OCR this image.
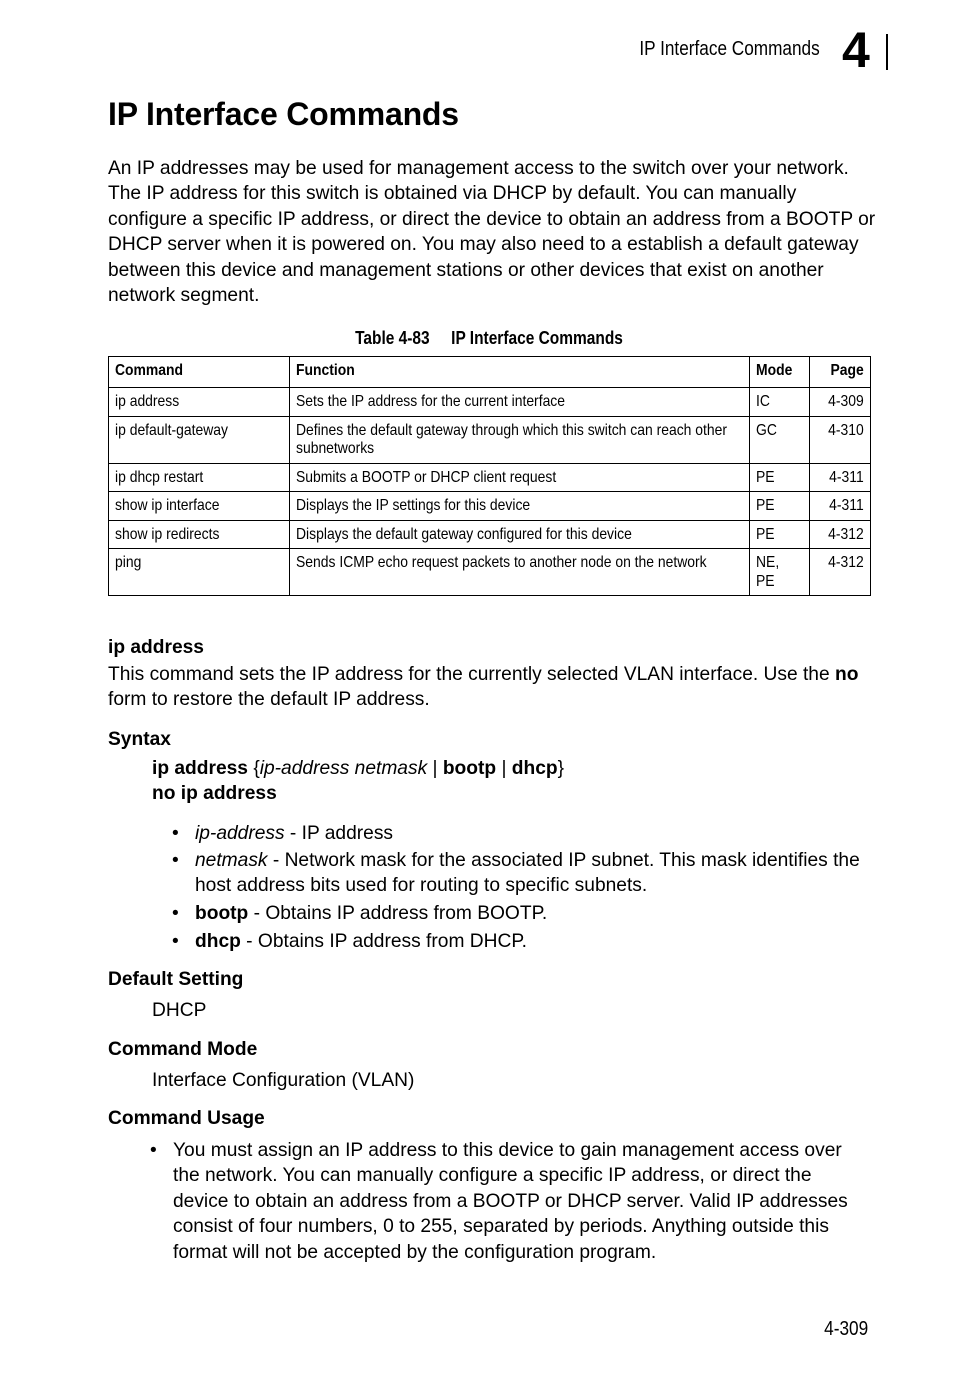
IP Interface Commands 4
IP Interface Commands

An IP addresses may be used for management access to the switch over your network. The IP address for this switch is obtained via DHCP by default. You can manually configure a specific IP address, or direct the device to obtain an address from a BOOTP or DHCP server when it is powered on. You may also need to a establish a default gateway between this device and management stations or other devices that exist on another network segment.

Table 4-83     IP Interface Commands
Command	Function	Mode	Page
ip address	Sets the IP address for the current interface	IC	4-309
ip default-gateway	Defines the default gateway through which this switch can reach other subnetworks	GC	4-310
ip dhcp restart	Submits a BOOTP or DHCP client request	PE	4-311
show ip interface	Displays the IP settings for this device	PE	4-311
show ip redirects	Displays the default gateway configured for this device	PE	4-312
ping	Sends ICMP echo request packets to another node on the network	NE, PE	4-312
ip address

This command sets the IP address for the currently selected VLAN interface. Use the no form to restore the default IP address.

Syntax
ip address {ip-address netmask | bootp | dhcp}
no ip address
• ip-address - IP address
• netmask - Network mask for the associated IP subnet. This mask identifies the host address bits used for routing to specific subnets.
• bootp - Obtains IP address from BOOTP.
• dhcp - Obtains IP address from DHCP.
Default Setting

DHCP

Command Mode

Interface Configuration (VLAN)

Command Usage
• You must assign an IP address to this device to gain management access over the network. You can manually configure a specific IP address, or direct the device to obtain an address from a BOOTP or DHCP server. Valid IP addresses consist of four numbers, 0 to 255, separated by periods. Anything outside this format will not be accepted by the configuration program.
4-309
